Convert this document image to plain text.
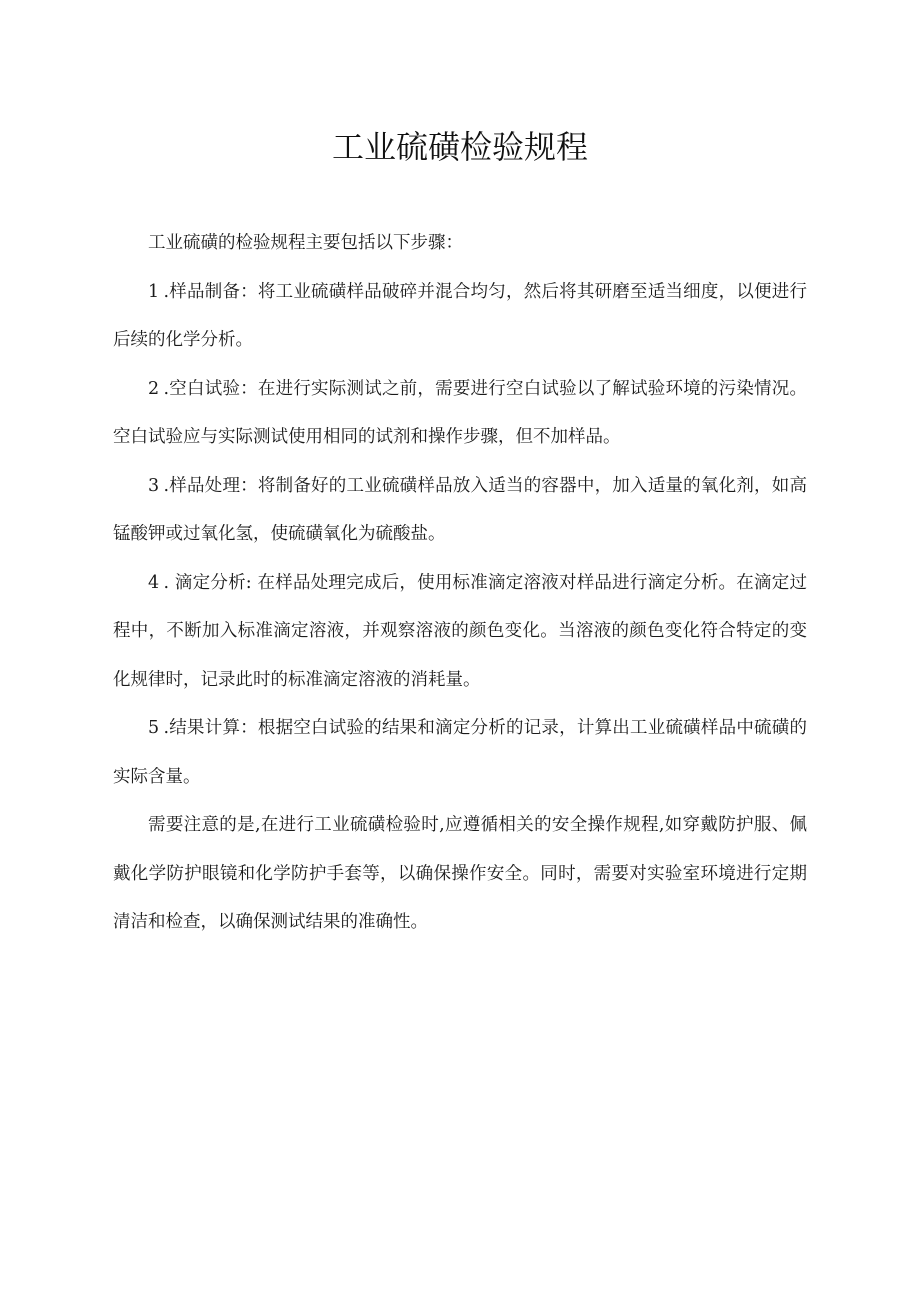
工业硫磺检验规程

工业硫磺的检验规程主要包括以下步骤：

1 .样品制备：将工业硫磺样品破碎并混合均匀，然后将其研磨至适当细度，以便进行后续的化学分析。

2 .空白试验：在进行实际测试之前，需要进行空白试验以了解试验环境的污染情况。空白试验应与实际测试使用相同的试剂和操作步骤，但不加样品。

3 .样品处理：将制备好的工业硫磺样品放入适当的容器中，加入适量的氧化剂，如高锰酸钾或过氧化氢，使硫磺氧化为硫酸盐。

4 . 滴定分析: 在样品处理完成后，使用标准滴定溶液对样品进行滴定分析。在滴定过程中，不断加入标准滴定溶液，并观察溶液的颜色变化。当溶液的颜色变化符合特定的变化规律时，记录此时的标准滴定溶液的消耗量。

5 .结果计算：根据空白试验的结果和滴定分析的记录，计算出工业硫磺样品中硫磺的实际含量。

需要注意的是,在进行工业硫磺检验时,应遵循相关的安全操作规程,如穿戴防护服、佩戴化学防护眼镜和化学防护手套等，以确保操作安全。同时，需要对实验室环境进行定期清洁和检查，以确保测试结果的准确性。
